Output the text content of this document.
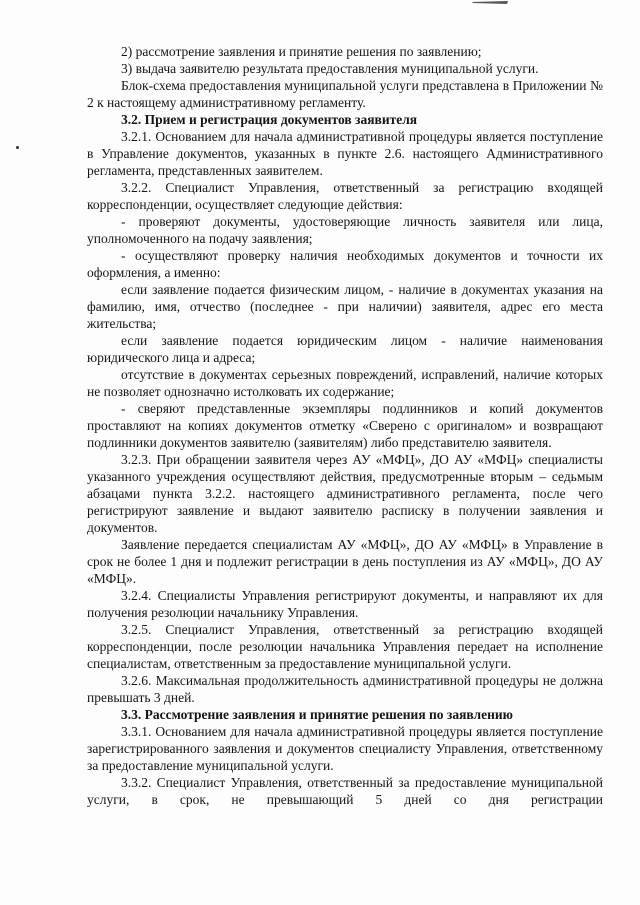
2) рассмотрение заявления и принятие решения по заявлению;

3) выдача заявителю результата предоставления муниципальной услуги.

Блок-схема предоставления муниципальной услуги представлена в Приложении № 2 к настоящему административному регламенту.

3.2. Прием и регистрация документов заявителя

3.2.1. Основанием для начала административной процедуры является поступление в Управление документов, указанных в пункте 2.6. настоящего Административного регламента, представленных заявителем.

3.2.2. Специалист Управления, ответственный за регистрацию входящей корреспонденции, осуществляет следующие действия:

- проверяют документы, удостоверяющие личность заявителя или лица, уполномоченного на подачу заявления;

- осуществляют проверку наличия необходимых документов и точности их оформления, а именно:

если заявление подается физическим лицом, - наличие в документах указания на фамилию, имя, отчество (последнее - при наличии) заявителя, адрес его места жительства;

если заявление подается юридическим лицом - наличие наименования юридического лица и адреса;

отсутствие в документах серьезных повреждений, исправлений, наличие которых не позволяет однозначно истолковать их содержание;

- сверяют представленные экземпляры подлинников и копий документов проставляют на копиях документов отметку «Сверено с оригиналом» и возвращают подлинники документов заявителю (заявителям) либо представителю заявителя.

3.2.3. При обращении заявителя через АУ «МФЦ», ДО АУ «МФЦ» специалисты указанного учреждения осуществляют действия, предусмотренные вторым – седьмым абзацами пункта 3.2.2. настоящего административного регламента, после чего регистрируют заявление и выдают заявителю расписку в получении заявления и документов.

Заявление передается специалистам АУ «МФЦ», ДО АУ «МФЦ» в Управление в срок не более 1 дня и подлежит регистрации в день поступления из АУ «МФЦ», ДО АУ «МФЦ».

3.2.4. Специалисты Управления регистрируют документы, и направляют их для получения резолюции начальнику Управления.

3.2.5. Специалист Управления, ответственный за регистрацию входящей корреспонденции, после резолюции начальника Управления передает на исполнение специалистам, ответственным за предоставление муниципальной услуги.

3.2.6. Максимальная продолжительность административной процедуры не должна превышать 3 дней.

3.3. Рассмотрение заявления и принятие решения по заявлению

3.3.1. Основанием для начала административной процедуры является поступление зарегистрированного заявления и документов специалисту Управления, ответственному за предоставление муниципальной услуги.

3.3.2. Специалист Управления, ответственный за предоставление муниципальной услуги, в срок, не превышающий 5 дней со дня регистрации
